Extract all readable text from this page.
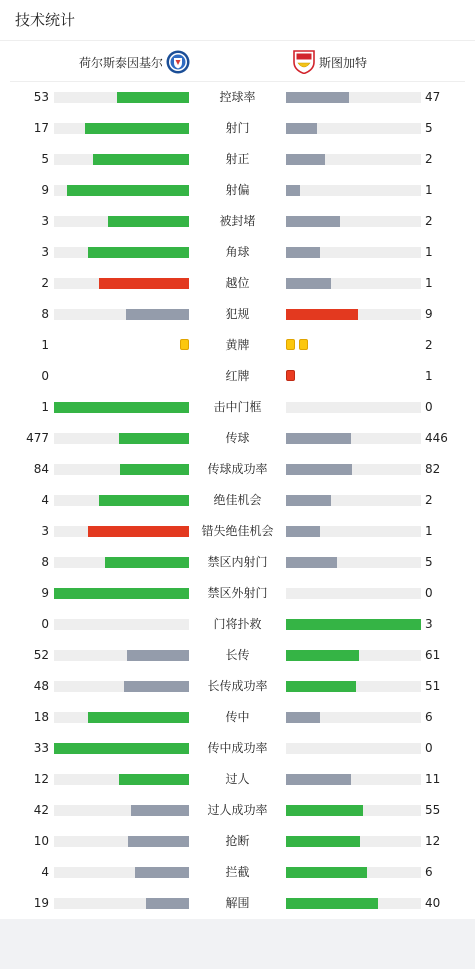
技术统计
荷尔斯泰因基尔	斯图加特
53	控球率	47
17	射门	5
5	射正	2
9	射偏	1
3	被封堵	2
3	角球	1
2	越位	1
8	犯规	9
1	黄牌	2
0	红牌	1
1	击中门框	0
477	传球	446
84	传球成功率	82
4	绝佳机会	2
3	错失绝佳机会	1
8	禁区内射门	5
9	禁区外射门	0
0	门将扑救	3
52	长传	61
48	长传成功率	51
18	传中	6
33	传中成功率	0
12	过人	11
42	过人成功率	55
10	抢断	12
4	拦截	6
19	解围	40
